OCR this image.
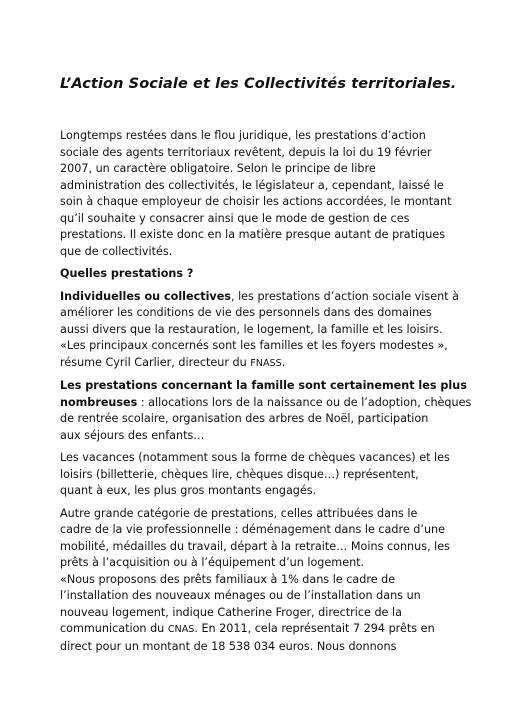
L’Action Sociale et les Collectivités territoriales.

Longtemps restées dans le flou juridique, les prestations d’action
sociale des agents territoriaux revêtent, depuis la loi du 19 février
2007, un caractère obligatoire. Selon le principe de libre
administration des collectivités, le législateur a, cependant, laissé le
soin à chaque employeur de choisir les actions accordées, le montant
qu’il souhaite y consacrer ainsi que le mode de gestion de ces
prestations. Il existe donc en la matière presque autant de pratiques
que de collectivités.

Quelles prestations ?

Individuelles ou collectives, les prestations d’action sociale visent à
améliorer les conditions de vie des personnels dans des domaines
aussi divers que la restauration, le logement, la famille et les loisirs.
«Les principaux concernés sont les familles et les foyers modestes »,
résume Cyril Carlier, directeur du FNASS.

Les prestations concernant la famille sont certainement les plus
nombreuses : allocations lors de la naissance ou de l’adoption, chèques
de rentrée scolaire, organisation des arbres de Noël, participation
aux séjours des enfants…

Les vacances (notamment sous la forme de chèques vacances) et les
loisirs (billetterie, chèques lire, chèques disque…) représentent,
quant à eux, les plus gros montants engagés.

Autre grande catégorie de prestations, celles attribuées dans le
cadre de la vie professionnelle : déménagement dans le cadre d’une
mobilité, médailles du travail, départ à la retraite… Moins connus, les
prêts à l’acquisition ou à l’équipement d’un logement.

«Nous proposons des prêts familiaux à 1% dans le cadre de
l’installation des nouveaux ménages ou de l’installation dans un
nouveau logement, indique Catherine Froger, directrice de la
communication du CNAS. En 2011, cela représentait 7 294 prêts en
direct pour un montant de 18 538 034 euros. Nous donnons
